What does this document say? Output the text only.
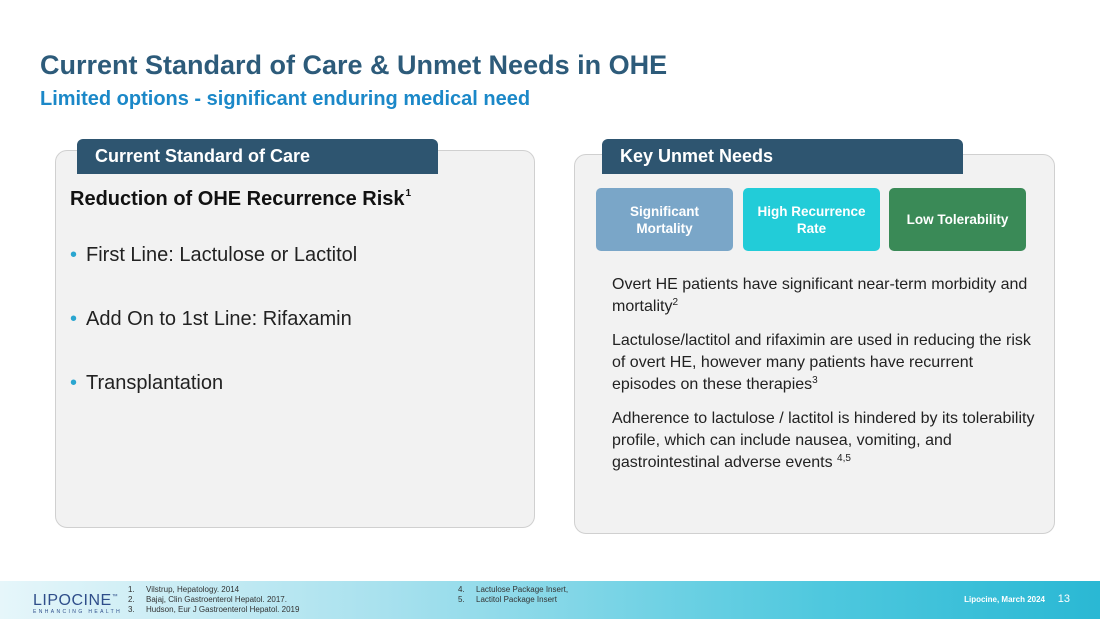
Current Standard of Care & Unmet Needs in OHE
Limited options - significant enduring medical need
Current Standard of Care
Reduction of OHE Recurrence Risk$^1$
• First Line: Lactulose or Lactitol
• Add On to 1st Line: Rifaxamin
• Transplantation
Key Unmet Needs
Significant Mortality
High Recurrence Rate
Low Tolerability

Overt HE patients have significant near-term morbidity and mortality$^2$

Lactulose/lactitol and rifaximin are used in reducing the risk of overt HE, however many patients have recurrent episodes on these therapies$^3$

Adherence to lactulose / lactitol is hindered by its tolerability profile, which can include nausea, vomiting, and gastrointestinal adverse events $^{4,5}$

LIPOCINE™
ENHANCING HEALTH
1.	Vilstrup, Hepatology. 2014
2.	Bajaj, Clin Gastroenterol Hepatol. 2017.
3.	Hudson, Eur J Gastroenterol Hepatol. 2019
4.	Lactulose Package Insert,
5.	Lactitol Package Insert	Lipocine, March 2024 13
